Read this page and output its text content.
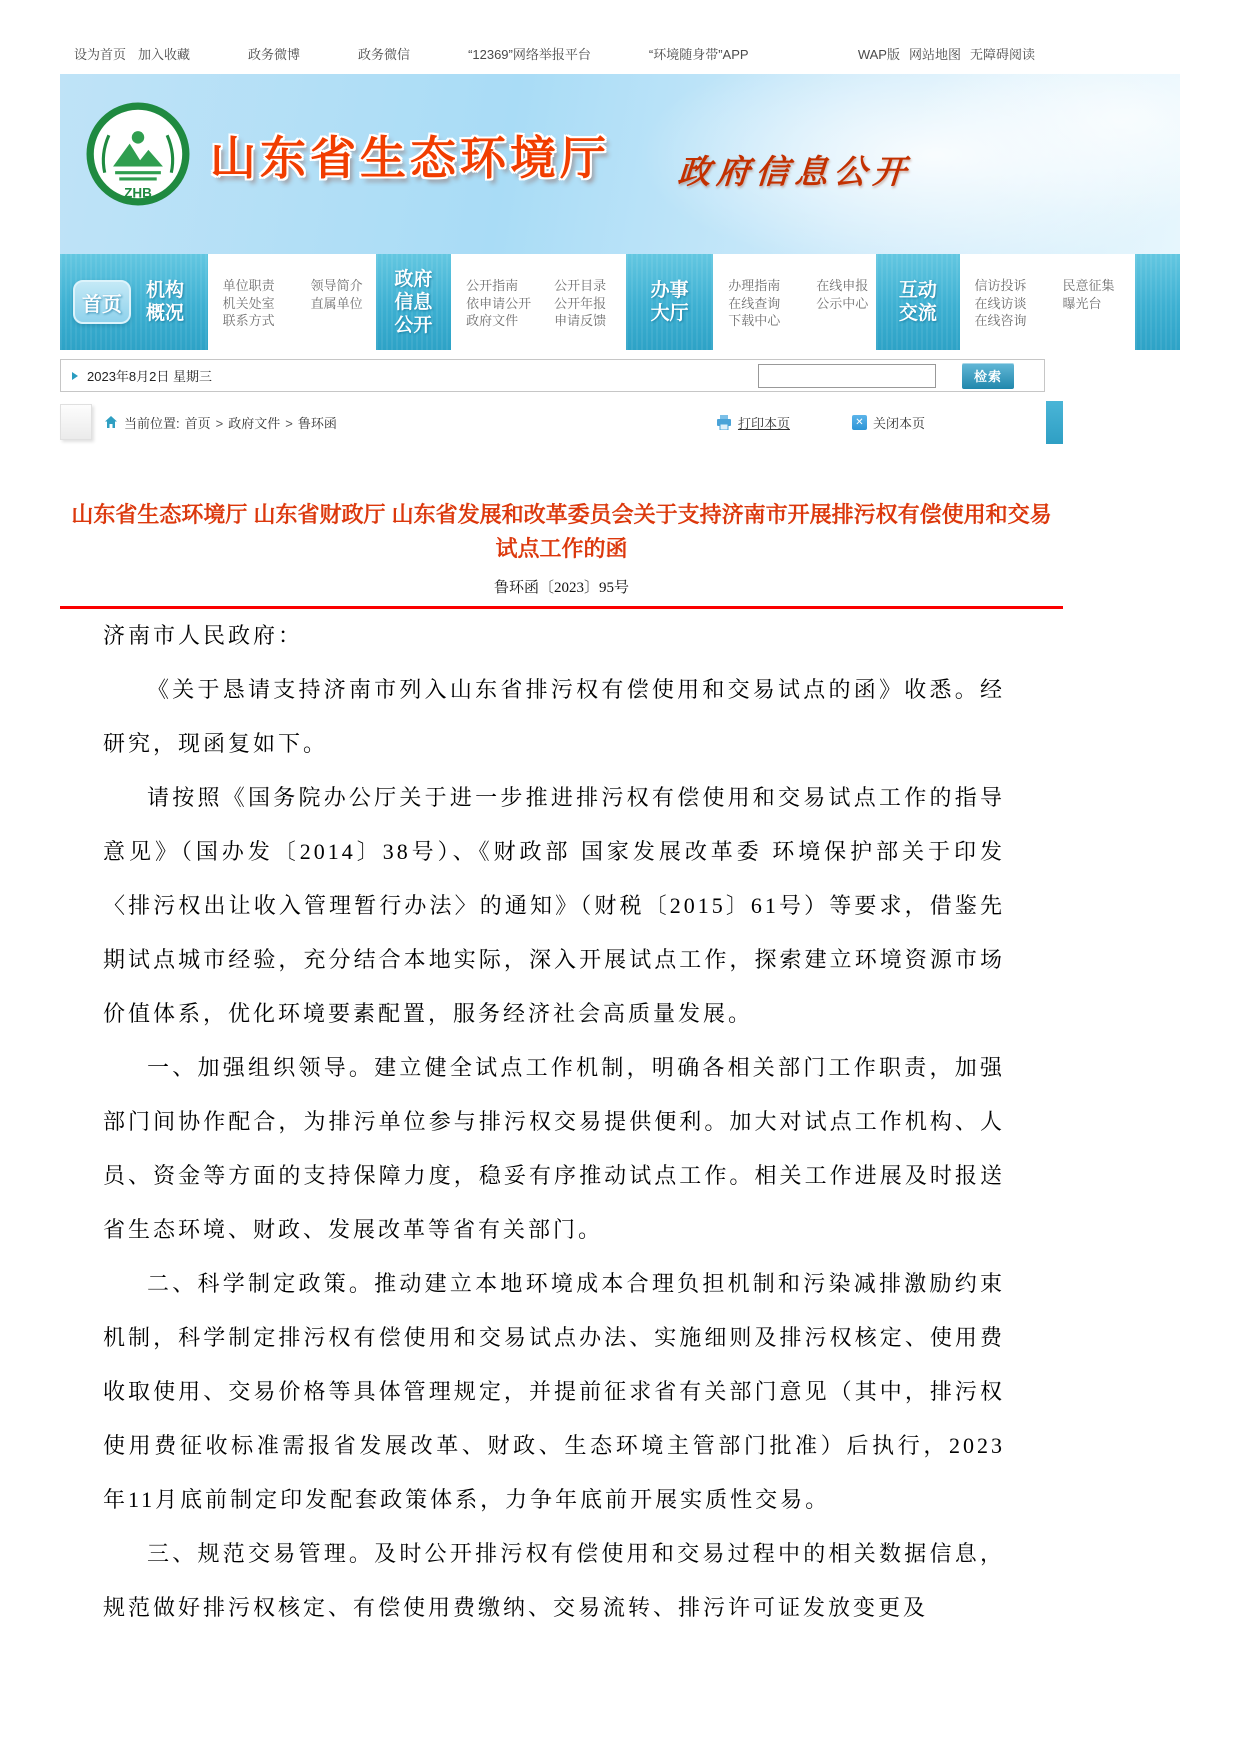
设为首页 加入收藏	政务微博	政务微信	“12369”网络举报平台	“环境随身带”APP	WAP版 网站地图 无障碍阅读
ZHB
山东省生态环境厅 政府信息公开
首页
机构概况
单位职责
机关处室
联系方式
领导简介
直属单位
政府信息公开
公开指南
依申请公开
政府文件
公开目录
公开年报
申请反馈
办事大厅
办理指南
在线查询
下载中心
在线申报
公示中心
互动交流
信访投诉
在线访谈
在线咨询
民意征集
曝光台
2023年8月2日 星期三	检索
当前位置: 首页 > 政府文件 > 鲁环函	打印本页	✕ 关闭本页
山东省生态环境厅 山东省财政厅 山东省发展和改革委员会关于支持济南市开展排污权有偿使用和交易
试点工作的函
鲁环函〔2023〕95号

济南市人民政府：

《关于恳请支持济南市列入山东省排污权有偿使用和交易试点的函》收悉。经研究，现函复如下。

请按照《国务院办公厅关于进一步推进排污权有偿使用和交易试点工作的指导意见》（国办发〔2014〕38号）、《财政部 国家发展改革委 环境保护部关于印发〈排污权出让收入管理暂行办法〉的通知》（财税〔2015〕61号）等要求，借鉴先期试点城市经验，充分结合本地实际，深入开展试点工作，探索建立环境资源市场价值体系，优化环境要素配置，服务经济社会高质量发展。

一、加强组织领导。建立健全试点工作机制，明确各相关部门工作职责，加强部门间协作配合，为排污单位参与排污权交易提供便利。加大对试点工作机构、人员、资金等方面的支持保障力度，稳妥有序推动试点工作。相关工作进展及时报送省生态环境、财政、发展改革等省有关部门。

二、科学制定政策。推动建立本地环境成本合理负担机制和污染减排激励约束机制，科学制定排污权有偿使用和交易试点办法、实施细则及排污权核定、使用费收取使用、交易价格等具体管理规定，并提前征求省有关部门意见（其中，排污权使用费征收标准需报省发展改革、财政、生态环境主管部门批准）后执行，2023年11月底前制定印发配套政策体系，力争年底前开展实质性交易。

三、规范交易管理。及时公开排污权有偿使用和交易过程中的相关数据信息，规范做好排污权核定、有偿使用费缴纳、交易流转、排污许可证发放变更及
